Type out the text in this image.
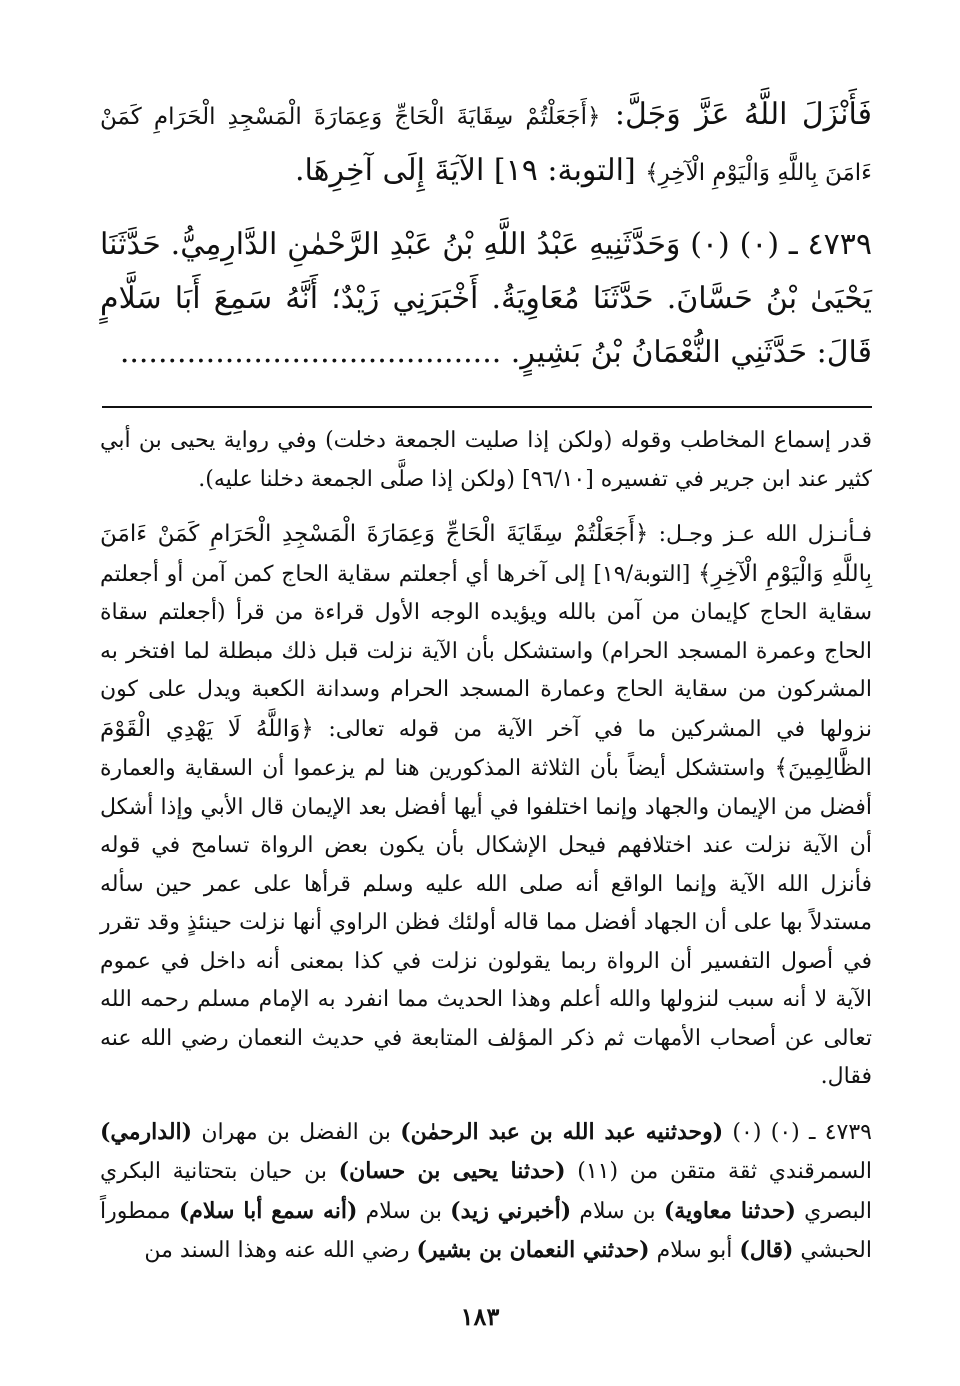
فَأَنْزَلَ اللَّهُ عَزَّ وَجَلَّ: ﴿أَجَعَلْتُمْ سِقَايَةَ الْحَاجِّ وَعِمَارَةَ الْمَسْجِدِ الْحَرَامِ كَمَنْ ءَامَنَ بِاللَّهِ وَالْيَوْمِ الْآخِرِ﴾ [التوبة: ١٩] الآيَةَ إِلَى آخِرِهَا.

٤٧٣٩ ـ (٠) (٠) وَحَدَّثَنِيهِ عَبْدُ اللَّهِ بْنُ عَبْدِ الرَّحْمٰنِ الدَّارِمِيُّ. حَدَّثَنَا يَحْيَىٰ بْنُ حَسَّانَ. حَدَّثَنَا مُعَاوِيَةُ. أَخْبَرَنِي زَيْدٌ؛ أَنَّهُ سَمِعَ أَبَا سَلَّامٍ قَالَ: حَدَّثَنِي النُّعْمَانُ بْنُ بَشِيرٍ. ........................................

قدر إسماع المخاطب وقوله (ولكن إذا صليت الجمعة دخلت) وفي رواية يحيى بن أبي كثير عند ابن جرير في تفسيره [٩٦/١٠] (ولكن إذا صلَّى الجمعة دخلنا عليه).

فـأنـزل الله عـز وجـل: ﴿أَجَعَلْتُمْ سِقَايَةَ الْحَاجِّ وَعِمَارَةَ الْمَسْجِدِ الْحَرَامِ كَمَنْ ءَامَنَ بِاللَّهِ وَالْيَوْمِ الْآخِرِ﴾ [التوبة/١٩] إلى آخرها أي أجعلتم سقاية الحاج كمن آمن أو أجعلتم سقاية الحاج كإيمان من آمن بالله ويؤيده الوجه الأول قراءة من قرأ (أجعلتم سقاة الحاج وعمرة المسجد الحرام) واستشكل بأن الآية نزلت قبل ذلك مبطلة لما افتخر به المشركون من سقاية الحاج وعمارة المسجد الحرام وسدانة الكعبة ويدل على كون نزولها في المشركين ما في آخر الآية من قوله تعالى: ﴿وَاللَّهُ لَا يَهْدِي الْقَوْمَ الظَّالِمِينَ﴾ واستشكل أيضاً بأن الثلاثة المذكورين هنا لم يزعموا أن السقاية والعمارة أفضل من الإيمان والجهاد وإنما اختلفوا في أيها أفضل بعد الإيمان قال الأبي وإذا أشكل أن الآية نزلت عند اختلافهم فيحل الإشكال بأن يكون بعض الرواة تسامح في قوله فأنزل الله الآية وإنما الواقع أنه صلى الله عليه وسلم قرأها على عمر حين سأله مستدلاً بها على أن الجهاد أفضل مما قاله أولئك فظن الراوي أنها نزلت حينئذٍ وقد تقرر في أصول التفسير أن الرواة ربما يقولون نزلت في كذا بمعنى أنه داخل في عموم الآية لا أنه سبب لنزولها والله أعلم وهذا الحديث مما انفرد به الإمام مسلم رحمه الله تعالى عن أصحاب الأمهات ثم ذكر المؤلف المتابعة في حديث النعمان رضي الله عنه فقال.

٤٧٣٩ ـ (٠) (٠) (وحدثنيه عبد الله بن عبد الرحمٰن) بن الفضل بن مهران (الدارمي) السمرقندي ثقة متقن من (١١) (حدثنا يحيى بن حسان) بن حيان بتحتانية البكري البصري (حدثنا معاوية) بن سلام (أخبرني زيد) بن سلام (أنه سمع أبا سلام) ممطوراً الحبشي (قال) أبو سلام (حدثني النعمان بن بشير) رضي الله عنه وهذا السند من

١٨٣
